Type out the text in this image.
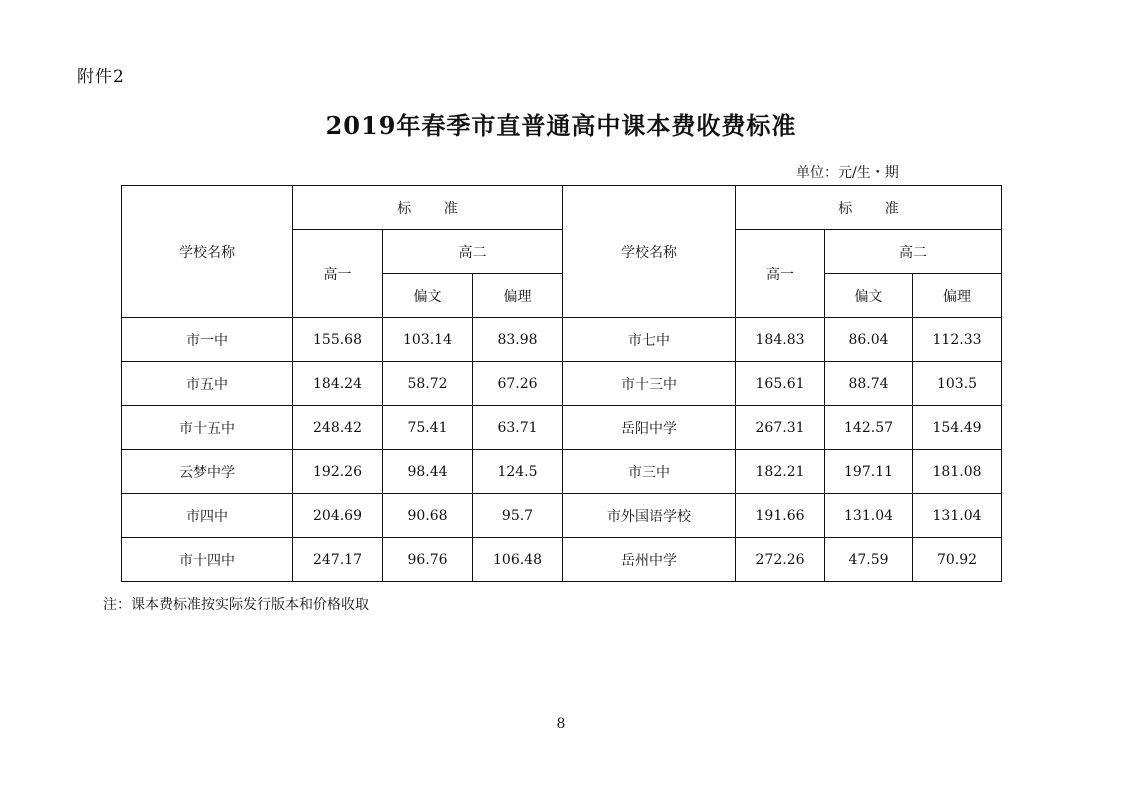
附件2
2019年春季市直普通高中课本费收费标准
单位：元/生・期
学校名称	标 准			学校名称	标 准		
	高一	高二			高一	高二	
		偏文	偏理			偏文	偏理
市一中	155.68	103.14	83.98	市七中	184.83	86.04	112.33
市五中	184.24	58.72	67.26	市十三中	165.61	88.74	103.5
市十五中	248.42	75.41	63.71	岳阳中学	267.31	142.57	154.49
云梦中学	192.26	98.44	124.5	市三中	182.21	197.11	181.08
市四中	204.69	90.68	95.7	市外国语学校	191.66	131.04	131.04
市十四中	247.17	96.76	106.48	岳州中学	272.26	47.59	70.92
注：课本费标准按实际发行版本和价格收取
8
